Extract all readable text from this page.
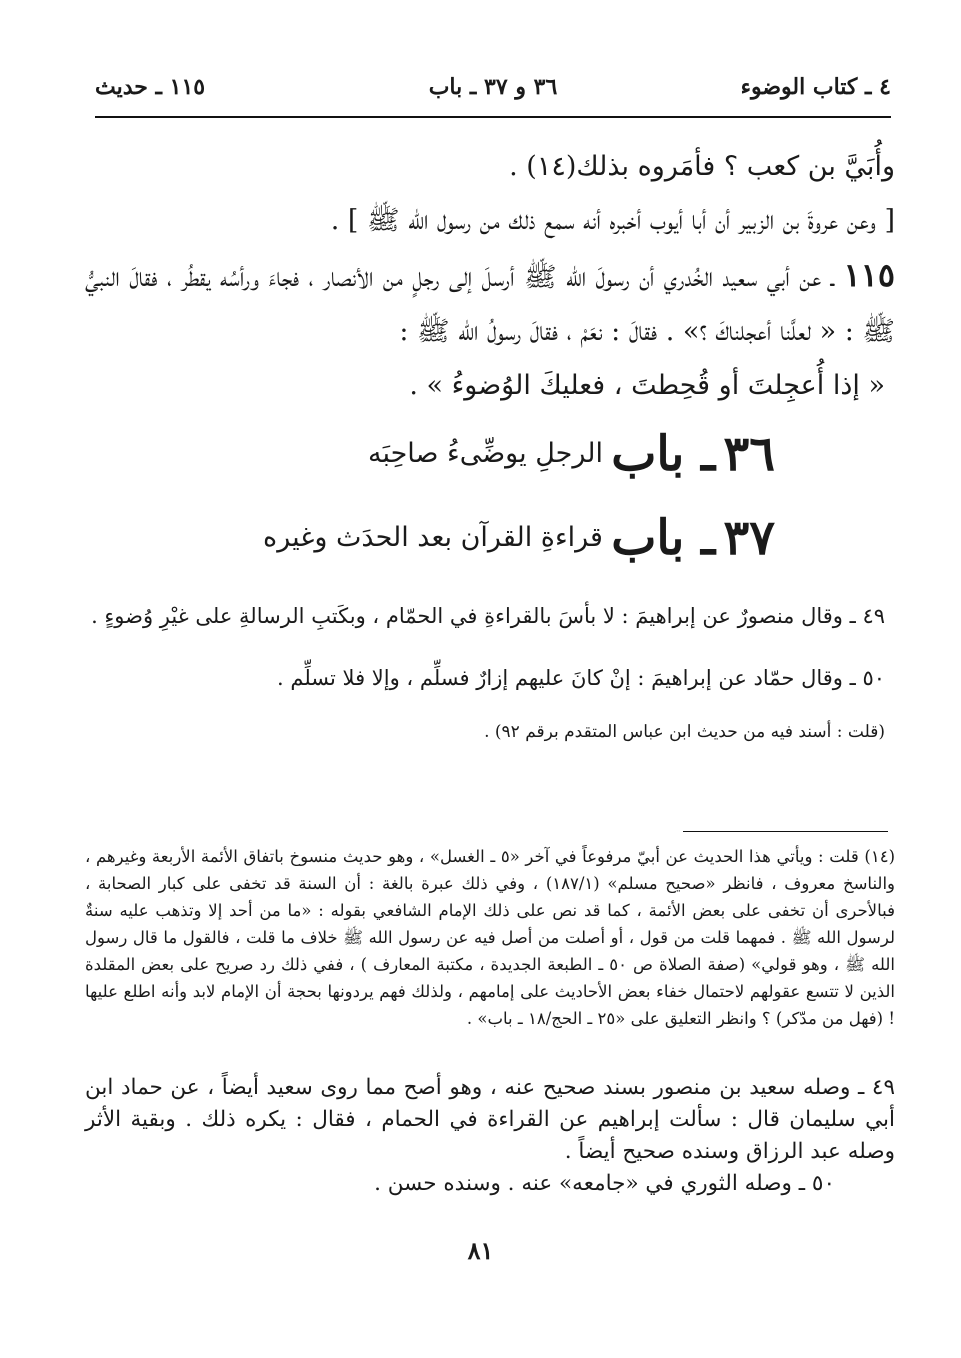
٤ ـ كتاب الوضوء
٣٦ و ٣٧ ـ باب
١١٥ ـ حديث

وأُبَيَّ بن كعب ؟ فأمَروه بذلك(١٤) .

[ وعن عروةَ بن الزبير أن أبا أيوب أخبره أنه سمع ذلك من رسول الله ﷺ ] .

١١٥ ـ عن أبي سعيد الخُدري أن رسولَ الله ﷺ أرسلَ إلى رجلٍ من الأنصار ، فجاءَ ورأسُه يقطُر ، فقالَ النبيُّ ﷺ : « لعلَّنا أعجلناكَ ؟» . فقالَ : نعَمْ ، فقالَ رسولُ الله ﷺ :

« إذا أُعجِلتَ أو قُحِطتَ ، فعليكَ الوُضوءُ » .

٣٦ ـ باب الرجلِ يوضِّىءُ صاحِبَه

٣٧ ـ باب قراءةِ القرآن بعد الحدَث وغيره

٤٩ ـ وقال منصورٌ عن إبراهيمَ : لا بأسَ بالقراءةِ في الحمّام ، وبكَتبِ الرسالةِ على غيْرِ وُضوءٍ .

٥٠ ـ وقال حمّاد عن إبراهيمَ : إنْ كانَ عليهم إزارٌ فسلِّم ، وإلا فلا تسلِّم .

(قلت : أسند فيه من حديث ابن عباس المتقدم برقم ٩٢) .

(١٤) قلت : ويأتي هذا الحديث عن أبيّ مرفوعاً في آخر «٥ ـ الغسل» ، وهو حديث منسوخ باتفاق الأئمة الأربعة وغيرهم ، والناسخ معروف ، فانظر «صحيح مسلم» (١٨٧/١) ، وفي ذلك عبرة بالغة : أن السنة قد تخفى على كبار الصحابة ، فبالأحرى أن تخفى على بعض الأئمة ، كما قد نص على ذلك الإمام الشافعي بقوله : «ما من أحد إلا وتذهب عليه سنةٌ لرسول الله ﷺ . فمهما قلت من قول ، أو أصلت من أصل فيه عن رسول الله ﷺ خلاف ما قلت ، فالقول ما قال رسول الله ﷺ ، وهو قولي» (صفة الصلاة ص ٥٠ ـ الطبعة الجديدة ، مكتبة المعارف ) ، ففي ذلك رد صريح على بعض المقلدة الذين لا تتسع عقولهم لاحتمال خفاء بعض الأحاديث على إمامهم ، ولذلك فهم يردونها بحجة أن الإمام لابد وأنه اطلع عليها ! (فهل من مدّكر) ؟ وانظر التعليق على «٢٥ ـ الحج/١٨ ـ باب» .

٤٩ ـ وصله سعيد بن منصور بسند صحيح عنه ، وهو أصح مما روى سعيد أيضاً ، عن حماد ابن أبي سليمان قال : سألت إبراهيم عن القراءة في الحمام ، فقال : يكره ذلك . وبقية الأثر وصله عبد الرزاق وسنده صحيح أيضاً .

٥٠ ـ وصله الثوري في «جامعه» عنه . وسنده حسن .

٨١
